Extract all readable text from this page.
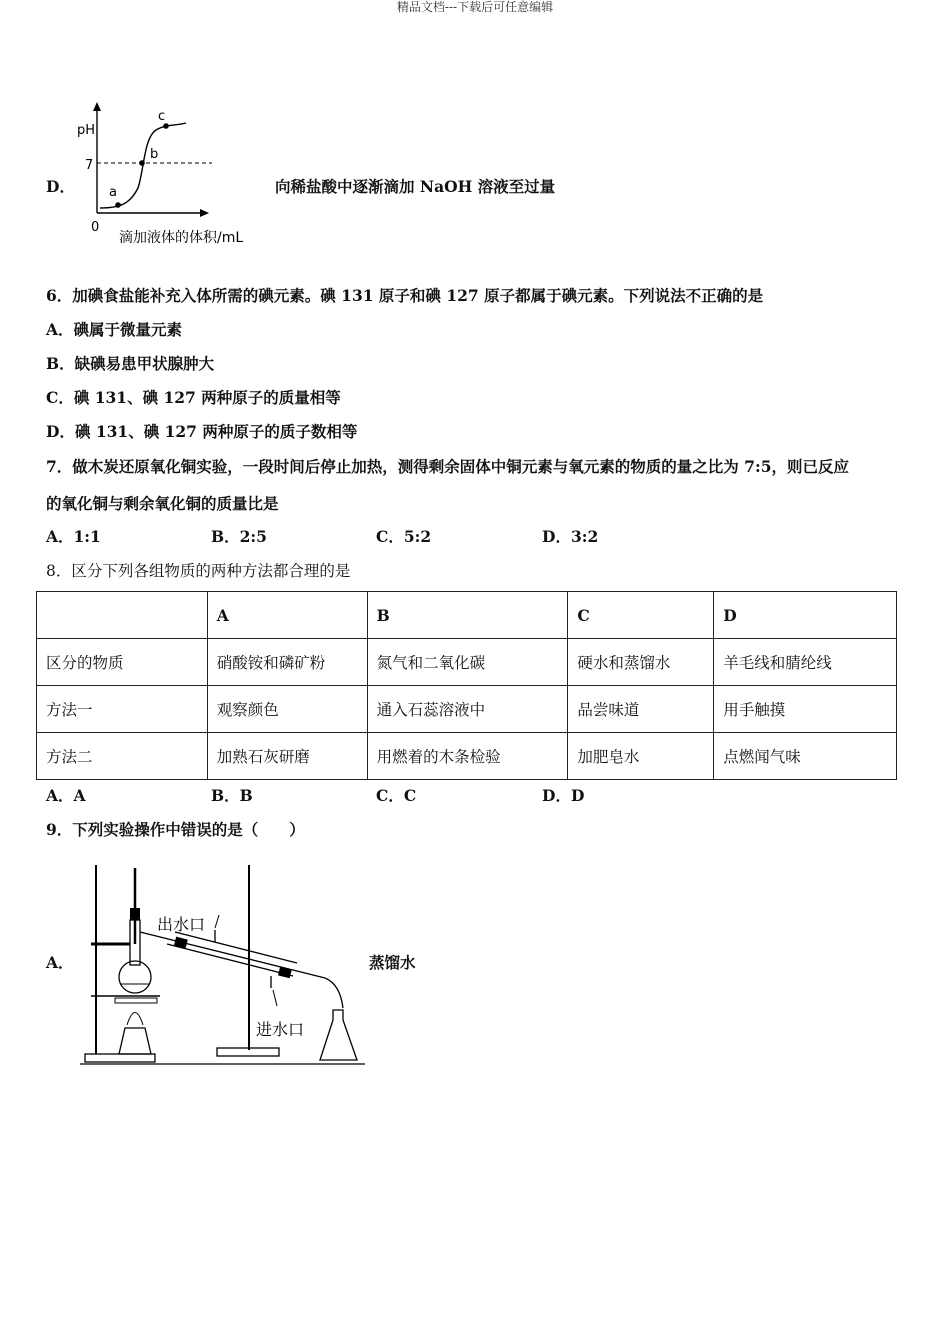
精品文档---下载后可任意编辑
D．
pH
7
0
a
b
c
滴加液体的体积/mL
向稀盐酸中逐渐滴加 NaOH 溶液至过量
6．加碘食盐能补充入体所需的碘元素。碘 131 原子和碘 127 原子都属于碘元素。下列说法不正确的是
A．碘属于微量元素
B．缺碘易患甲状腺肿大
C．碘 131、碘 127 两种原子的质量相等
D．碘 131、碘 127 两种原子的质子数相等
7．做木炭还原氧化铜实验，一段时间后停止加热，测得剩余固体中铜元素与氧元素的物质的量之比为 7:5，则已反应
的氧化铜与剩余氧化铜的质量比是
A．1:1	B．2:5	C．5:2	D．3:2
8．区分下列各组物质的两种方法都合理的是
	A	B	C	D
区分的物质	硝酸铵和磷矿粉	氮气和二氧化碳	硬水和蒸馏水	羊毛线和腈纶线
方法一	观察颜色	通入石蕊溶液中	品尝味道	用手触摸
方法二	加熟石灰研磨	用燃着的木条检验	加肥皂水	点燃闻气味
A．A	B．B	C．C	D．D
9．下列实验操作中错误的是（　　）
A．
出水口
进水口
蒸馏水
